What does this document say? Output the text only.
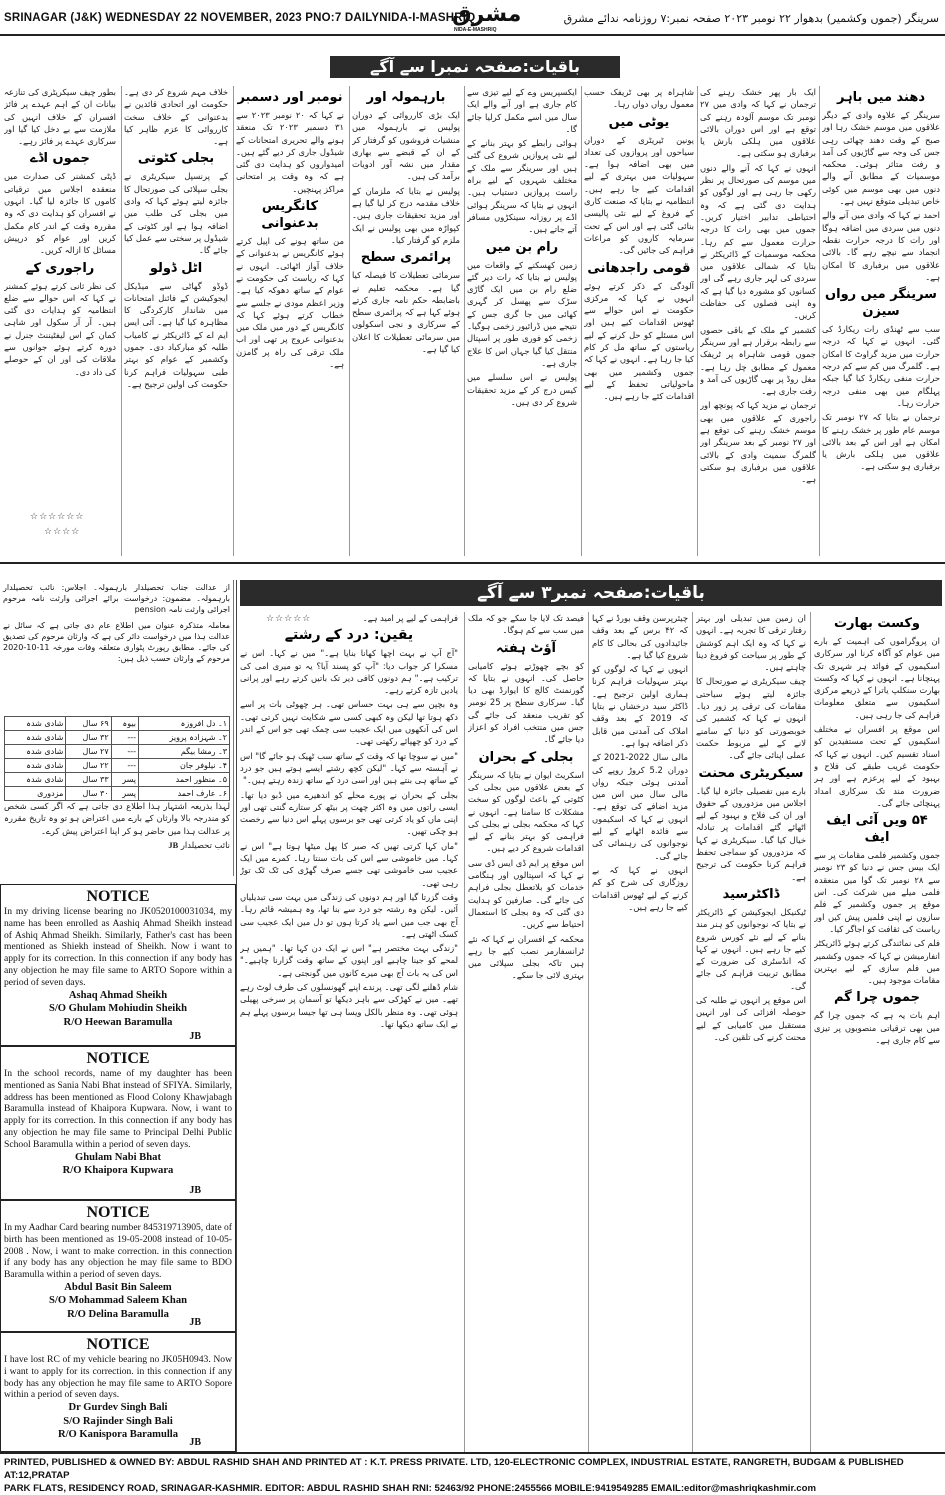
SRINAGAR (J&K) WEDNESDAY 22 NOVEMBER, 2023 PNO:7 DAILYNIDA-I-MASHRIQ
مشرق
NIDA-E-MASHRIQ
سرینگر (جموں وکشمیر) بدھوار ۲۲ نومبر ۲۰۲۳ صفحہ نمبر:۷ روزنامہ ندائے مشرق
باقیات:صفحہ نمبرا سے آگے
دھند میں باہر

سرینگر کے علاوہ وادی کے دیگر علاقوں میں موسم خشک رہا اور صبح کے وقت دھند چھائی رہی جس کی وجہ سے گاڑیوں کی آمد و رفت متاثر ہوئی۔ محکمہ موسمیات کے مطابق آنے والے دنوں میں بھی موسم میں کوئی خاص تبدیلی متوقع نہیں ہے۔

احمد نے کہا کہ وادی میں آنے والے دنوں میں سردی میں اضافہ ہوگا اور رات کا درجہ حرارت نقطہ انجماد سے نیچے رہے گا۔ بالائی علاقوں میں برفباری کا امکان ہے۔

سرینگر میں رواں سیزن

سب سے ٹھنڈی رات ریکارڈ کی گئی۔ انہوں نے کہا کہ درجہ حرارت میں مزید گراوٹ کا امکان ہے۔ گلمرگ میں کم سے کم درجہ حرارت منفی ریکارڈ کیا گیا جبکہ پہلگام میں بھی منفی درجہ حرارت رہا۔

ترجمان نے بتایا کہ ۲۷ نومبر تک موسم عام طور پر خشک رہنے کا امکان ہے اور اس کے بعد بالائی علاقوں میں ہلکی بارش یا برفباری ہو سکتی ہے۔

ایک بار پھر خشک رہنے کی ترجمان نے کہا کہ وادی میں ۲۷ نومبر تک موسم آلودہ رہنے کی توقع ہے اور اس دوران بالائی علاقوں میں ہلکی بارش یا برفباری ہو سکتی ہے۔

انہوں نے کہا کہ آنے والے دنوں میں موسم کی صورتحال پر نظر رکھی جا رہی ہے اور لوگوں کو ہدایت دی گئی ہے کہ وہ احتیاطی تدابیر اختیار کریں۔ جموں میں بھی رات کا درجہ حرارت معمول سے کم رہا۔ محکمہ موسمیات کے ڈائریکٹر نے بتایا کہ شمالی علاقوں میں سردی کی لہر جاری رہے گی اور کسانوں کو مشورہ دیا گیا ہے کہ وہ اپنی فصلوں کی حفاظت کریں۔

کشمیر کے ملک کے باقی حصوں سے رابطہ برقرار ہے اور سرینگر جموں قومی شاہراہ پر ٹریفک معمول کے مطابق چل رہا ہے۔ مغل روڈ پر بھی گاڑیوں کی آمد و رفت جاری ہے۔

ترجمان نے مزید کہا کہ پونچھ اور راجوری کے علاقوں میں بھی موسم خشک رہنے کی توقع ہے اور ۲۷ نومبر کے بعد سرینگر اور گلمرگ سمیت وادی کے بالائی علاقوں میں برفباری ہو سکتی ہے۔

شاہراہ پر بھی ٹریفک حسب معمول رواں دواں رہا۔

یوٹی میں

یونین ٹیریٹری کے دوران سیاحوں اور پروازوں کی تعداد میں بھی اضافہ ہوا ہے۔ سہولیات میں بہتری کے لیے اقدامات کیے جا رہے ہیں۔ انتظامیہ نے بتایا کہ صنعت کاری کے فروغ کے لیے نئی پالیسی بنائی گئی ہے اور اس کے تحت سرمایہ کاروں کو مراعات فراہم کی جائیں گی۔

قومی راجدھانی

آلودگی کے ذکر کرتے ہوئے انہوں نے کہا کہ مرکزی حکومت نے اس حوالے سے ٹھوس اقدامات کیے ہیں اور اس مسئلے کو حل کرنے کے لیے ریاستوں کے ساتھ مل کر کام کیا جا رہا ہے۔ انہوں نے کہا کہ جموں وکشمیر میں بھی ماحولیاتی تحفظ کے لیے اقدامات کئے جا رہے ہیں۔

ایکسپریس وے کے لیے تیزی سے کام جاری ہے اور آنے والے ایک سال میں اسے مکمل کرلیا جائے گا۔

ہوائی رابطے کو بہتر بنانے کے لیے نئی پروازیں شروع کی گئی ہیں اور سرینگر سے ملک کے مختلف شہروں کے لیے براہ راست پروازیں دستیاب ہیں۔ انہوں نے بتایا کہ سرینگر ہوائی اڈے پر روزانہ سینکڑوں مسافر آتے جاتے ہیں۔

رام بن میں

زمین کھسکنے کے واقعات میں پولیس نے بتایا کہ رات دیر گئے ضلع رام بن میں ایک گاڑی سڑک سے پھسل کر گہری کھائی میں جا گری جس کے نتیجے میں ڈرائیور زخمی ہوگیا۔ زخمی کو فوری طور پر اسپتال منتقل کیا گیا جہاں اس کا علاج جاری ہے۔

پولیس نے اس سلسلے میں کیس درج کر کے مزید تحقیقات شروع کر دی ہیں۔

بارہمولہ اور

ایک بڑی کارروائی کے دوران پولیس نے بارہمولہ میں منشیات فروشوں کو گرفتار کر کے ان کے قبضے سے بھاری مقدار میں نشہ آور ادویات برآمد کی ہیں۔

پولیس نے بتایا کہ ملزمان کے خلاف مقدمہ درج کر لیا گیا ہے اور مزید تحقیقات جاری ہیں۔ کپواڑہ میں بھی پولیس نے ایک ملزم کو گرفتار کیا۔

پرائمری سطح

سرمائی تعطیلات کا فیصلہ کیا گیا ہے۔ محکمہ تعلیم نے باضابطہ حکم نامہ جاری کرتے ہوئے کہا ہے کہ پرائمری سطح کے سرکاری و نجی اسکولوں میں سرمائی تعطیلات کا اعلان کیا گیا ہے۔

نومبر اور دسمبر

نے کہا کہ ۲۰ نومبر ۲۰۲۳ سے ۳۱ دسمبر ۲۰۲۳ تک منعقد ہونے والے تحریری امتحانات کے شیڈول جاری کر دیے گئے ہیں۔ امیدواروں کو ہدایت دی گئی ہے کہ وہ وقت پر امتحانی مراکز پہنچیں۔

کانگریس بدعنوانی

من ساتھ ہونے کی اپیل کرتے ہوئے کانگریس نے بدعنوانی کے خلاف آواز اٹھائی۔ انہوں نے کہا کہ ریاست کی حکومت نے عوام کے ساتھ دھوکہ کیا ہے۔ وزیر اعظم مودی نے جلسے سے خطاب کرتے ہوئے کہا کہ کانگریس کے دور میں ملک میں بدعنوانی عروج پر تھی اور اب ملک ترقی کی راہ پر گامزن ہے۔

خلاف مہم شروع کر دی ہے۔ حکومت اور اتحادی قائدین نے بدعنوانی کے خلاف سخت کارروائی کا عزم ظاہر کیا ہے۔

بجلی کٹوتی

کے پرنسپل سیکریٹری نے بجلی سپلائی کی صورتحال کا جائزہ لیتے ہوئے کہا کہ وادی میں بجلی کی طلب میں اضافہ ہوا ہے اور کٹوتی کے شیڈول پر سختی سے عمل کیا جائے گا۔

اٹل ڈولو

ڈوڈو گھاٹی سے میڈیکل ایجوکیشن کے فائنل امتحانات میں شاندار کارکردگی کا مظاہرہ کیا گیا ہے۔ آئی ایس ایم اے کے ڈائریکٹر نے کامیاب طلبہ کو مبارکباد دی۔ جموں وکشمیر کے عوام کو بہتر طبی سہولیات فراہم کرنا حکومت کی اولین ترجیح ہے۔

بطور چیف سیکریٹری کی تنازعہ بیانات ان کے اہم عہدے پر فائز افسران کے خلاف انہیں کی ملازمت سے بے دخل کیا گیا اور سرکاری عہدے پر فائز رہے۔

جموں اڈے

ڈپٹی کمشنر کی صدارت میں منعقدہ اجلاس میں ترقیاتی کاموں کا جائزہ لیا گیا۔ انہوں نے افسران کو ہدایت دی کہ وہ مقررہ وقت کے اندر کام مکمل کریں اور عوام کو درپیش مسائل کا ازالہ کریں۔

راجوری کے

کی نظر ثانی کرتے ہوئے کمشنر نے کہا کہ اس حوالے سے ضلع انتظامیہ کو ہدایات دی گئی ہیں۔ آر آر سکول اور شاہی کمان کے اس لیفٹیننٹ جنرل نے دورہ کرتے ہوئے جوانوں سے ملاقات کی اور ان کے حوصلے کی داد دی۔

☆☆☆☆☆☆
☆☆☆☆

از عدالت جناب تحصیلدار بارہمولہ۔ اجلاس: نائب تحصیلدار بارہمولہ۔ مضمون: درخواست برائے اجرائی وارثت نامہ مرحوم اجرائی وارثت نامہ pension

معاملہ متذکرہ عنوان میں اطلاع عام دی جاتی ہے کہ سائل نے عدالت ہذا میں درخواست دائر کی ہے کہ وارثان مرحوم کی تصدیق کی جائے۔ مطابق رپورٹ پٹواری متعلقہ وفات مورخہ 11-10-2020 مرحوم کے وارثان حسب ذیل ہیں:

۱۔ دل افروزہ	بیوہ	۶۹ سال	شادی شدہ
۲۔ شہزادہ پرویز	---	۳۲ سال	شادی شدہ
۳۔ رمشا بیگم	---	۲۷ سال	شادی شدہ
۴۔ نیلوفر جان	---	۲۲ سال	شادی شدہ
۵۔ منظور احمد	پسر	۳۳ سال	شادی شدہ
۶۔ عارف احمد	پسر	۳۰ سال	مزدوری

لہذا بذریعہ اشتہار ہذا اطلاع دی جاتی ہے کہ اگر کسی شخص کو مندرجہ بالا وارثان کے بارے میں اعتراض ہو تو وہ تاریخ مقررہ پر عدالت ہذا میں حاضر ہو کر اپنا اعتراض پیش کرے۔

نائب تحصیلدار JB

باقیات:صفحہ نمبر۳ سے آگے
وکست بھارت

ان پروگراموں کی اہمیت کے بارے میں عوام کو آگاہ کرنا اور سرکاری اسکیموں کے فوائد ہر شہری تک پہنچانا ہے۔ انہوں نے کہا کہ وکست بھارت سنکلپ یاترا کے ذریعے مرکزی اسکیموں سے متعلق معلومات فراہم کی جا رہی ہیں۔

اس موقع پر افسران نے مختلف اسکیموں کے تحت مستفیدین کو اسناد تقسیم کیں۔ انہوں نے کہا کہ حکومت غریب طبقے کی فلاح و بہبود کے لیے پرعزم ہے اور ہر ضرورت مند تک سرکاری امداد پہنچائی جائے گی۔

۵۴ ویں آئی ایف ایف

جموں وکشمیر فلمی مقامات پر سے ایک بیس جس نے دنیا کو ۲۳ نومبر سے ۲۸ نومبر تک گوا میں منعقدہ فلمی میلے میں شرکت کی۔ اس موقع پر جموں وکشمیر کے فلم سازوں نے اپنی فلمیں پیش کیں اور ریاست کی ثقافت کو اجاگر کیا۔

فلم کی نمائندگی کرتے ہوئے ڈائریکٹر انفارمیشن نے کہا کہ جموں وکشمیر میں فلم سازی کے لیے بہترین مقامات موجود ہیں۔

جموں چرا گم

اہم بات یہ ہے کہ جموں چرا گم میں بھی ترقیاتی منصوبوں پر تیزی سے کام جاری ہے۔

ان زمین میں تبدیلی اور بہتر رفتار ترقی کا تجربہ ہے۔ انہوں نے کہا کہ وہ ایک اہم کوشش کے طور پر سیاحت کو فروغ دینا چاہتے ہیں۔

چیف سیکریٹری نے صورتحال کا جائزہ لیتے ہوئے سیاحتی مقامات کی ترقی پر زور دیا۔ انہوں نے کہا کہ کشمیر کی خوبصورتی کو دنیا کے سامنے لانے کے لیے مربوط حکمت عملی اپنائی جائے گی۔

سیکریٹری محنت

بارے میں تفصیلی جائزہ لیا گیا۔ اجلاس میں مزدوروں کے حقوق اور ان کی فلاح و بہبود کے لیے اٹھائے گئے اقدامات پر تبادلہ خیال کیا گیا۔ سیکریٹری نے کہا کہ مزدوروں کو سماجی تحفظ فراہم کرنا حکومت کی ترجیح ہے۔

ڈاکٹرسید

ٹیکنیکل ایجوکیشن کے ڈائریکٹر نے بتایا کہ نوجوانوں کو ہنر مند بنانے کے لیے نئے کورس شروع کیے جا رہے ہیں۔ انہوں نے کہا کہ انڈسٹری کی ضرورت کے مطابق تربیت فراہم کی جائے گی۔

اس موقع پر انہوں نے طلبہ کی حوصلہ افزائی کی اور انہیں مستقبل میں کامیابی کے لیے محنت کرنے کی تلقین کی۔

چیئرپرسن وقف بورڈ نے کہا کہ ۴۲ برس کے بعد وقف جائیدادوں کی بحالی کا کام شروع کیا گیا ہے۔

انہوں نے کہا کہ لوگوں کو بہتر سہولیات فراہم کرنا ہماری اولین ترجیح ہے۔ ڈاکٹر سید درخشاں نے بتایا کہ 2019 کے بعد وقف املاک کی آمدنی میں قابل ذکر اضافہ ہوا ہے۔

مالی سال 2022-2021 کے دوران 5.2 کروڑ روپے کی آمدنی ہوئی جبکہ رواں مالی سال میں اس میں مزید اضافے کی توقع ہے۔ انہوں نے کہا کہ اسکیموں سے فائدہ اٹھانے کے لیے نوجوانوں کی رہنمائی کی جائے گی۔

انہوں نے کہا کہ بے روزگاری کی شرح کو کم کرنے کے لیے ٹھوس اقدامات کیے جا رہے ہیں۔

فیصد تک لایا جا سکے جو کہ ملک میں سب سے کم ہوگا۔

آؤٹ ہفتہ

کو بچے چھوڑتے ہوئے کامیابی حاصل کی۔ انہوں نے بتایا کہ گورنمنٹ کالج کا ایوارڈ بھی دیا گیا۔ سرکاری سطح پر 25 نومبر کو تقریب منعقد کی جائے گی جس میں منتخب افراد کو اعزاز دیا جائے گا۔

بجلی کے بحران

اسکریٹ ایوان نے بتایا کہ سرینگر کے بعض علاقوں میں بجلی کی کٹوتی کے باعث لوگوں کو سخت مشکلات کا سامنا ہے۔ انہوں نے کہا کہ محکمہ بجلی نے بجلی کی فراہمی کو بہتر بنانے کے لیے اقدامات شروع کر دیے ہیں۔

اس موقع پر ایم ڈی ایس ڈی سی نے کہا کہ اسپتالوں اور ہنگامی خدمات کو بلاتعطل بجلی فراہم کی جائے گی۔ صارفین کو ہدایت دی گئی کہ وہ بجلی کا استعمال احتیاط سے کریں۔

محکمہ کے افسران نے کہا کہ نئے ٹرانسفارمر نصب کیے جا رہے ہیں تاکہ بجلی سپلائی میں بہتری لائی جا سکے۔

فراہمی کے لیے پر امید ہے۔

یقین: درد کے رشتے

"آج آپ نے بہت اچھا کھانا بنایا ہے۔" میں نے کہا۔ اس نے مسکرا کر جواب دیا: "آپ کو پسند آیا؟ یہ تو میری امی کی ترکیب ہے۔" ہم دونوں کافی دیر تک باتیں کرتے رہے اور پرانی یادیں تازہ کرتے رہے۔

وہ بچپن سے ہی بہت حساس تھی۔ ہر چھوٹی بات پر اسے دکھ ہوتا تھا لیکن وہ کبھی کسی سے شکایت نہیں کرتی تھی۔ اس کی آنکھوں میں ایک عجیب سی چمک تھی جو اس کے اندر کے درد کو چھپائے رکھتی تھی۔

"میں نے سوچا تھا کہ وقت کے ساتھ سب ٹھیک ہو جائے گا" اس نے آہستہ سے کہا۔ "لیکن کچھ رشتے ایسے ہوتے ہیں جو درد کے ساتھ ہی بنتے ہیں اور اسی درد کے ساتھ زندہ رہتے ہیں۔"

بجلی کے بحران نے پورے محلے کو اندھیرے میں ڈبو دیا تھا۔ ایسی راتوں میں وہ اکثر چھت پر بیٹھ کر ستارے گنتی تھی اور اپنی ماں کو یاد کرتی تھی جو برسوں پہلے اس دنیا سے رخصت ہو چکی تھیں۔

"ماں کہا کرتی تھیں کہ صبر کا پھل میٹھا ہوتا ہے" اس نے کہا۔ میں خاموشی سے اس کی بات سنتا رہا۔ کمرے میں ایک عجیب سی خاموشی تھی جسے صرف گھڑی کی ٹک ٹک توڑ رہی تھی۔

وقت گزرتا گیا اور ہم دونوں کی زندگی میں بہت سی تبدیلیاں آئیں۔ لیکن وہ رشتہ جو درد سے بنا تھا، وہ ہمیشہ قائم رہا۔ آج بھی جب میں اسے یاد کرتا ہوں تو دل میں ایک عجیب سی کسک اٹھتی ہے۔

"زندگی بہت مختصر ہے" اس نے ایک دن کہا تھا۔ "ہمیں ہر لمحے کو جینا چاہیے اور اپنوں کے ساتھ وقت گزارنا چاہیے۔" اس کی یہ بات آج بھی میرے کانوں میں گونجتی ہے۔

شام ڈھلنے لگی تھی۔ پرندے اپنے گھونسلوں کی طرف لوٹ رہے تھے۔ میں نے کھڑکی سے باہر دیکھا تو آسمان پر سرخی پھیلی ہوئی تھی۔ وہ منظر بالکل ویسا ہی تھا جیسا برسوں پہلے ہم نے ایک ساتھ دیکھا تھا۔

☆☆☆☆☆
NOTICE
In my driving license bearing no JK0520100031034, my name has been enrolled as Aashiq Ahmad Sheikh instead of Ashiq Ahmad Sheikh. Similarly, Father's cast has been mentioned as Shiekh instead of Sheikh. Now i want to apply for its correction. In this connection if any body has any objection he may file same to ARTO Sopore within a period of seven days.
Ashaq Ahmad Sheikh
S/O Ghulam Mohiudin Sheikh
R/O Heewan Baramulla
JB
NOTICE
In the school records, name of my daughter has been mentioned as Sania Nabi Bhat instead of SFIYA. Similarly, address has been mentioned as Flood Colony Khawjabagh Baramulla instead of Khaipora Kupwara. Now, i want to apply for its correction. In this connection if any body has any objection he may file same to Principal Delhi Public School Baramulla within a period of seven days.
Ghulam Nabi Bhat
R/O Khaipora Kupwara
JB
NOTICE
In my Aadhar Card bearing number 845319713905, date of birth has been mentioned as 19-05-2008 instead of 10-05-2008 . Now, i want to make correction. in this connection if any body has any objection he may file same to BDO Baramulla within a period of seven days.
Abdul Basit Bin Saleem
S/O Mohammad Saleem Khan
R/O Delina Baramulla
JB
NOTICE
I have lost RC of my vehicle bearing no JK05H0943. Now i want to apply for its correction. in this connection if any body has any objection he may file same to ARTO Sopore within a period of seven days.
Dr Gurdev Singh Bali
S/O Rajinder Singh Bali
R/O Kanispora Baramulla
JB
PRINTED, PUBLISHED & OWNED BY: ABDUL RASHID SHAH AND PRINTED AT : K.T. PRESS PRIVATE. LTD, 120-ELECTRONIC COMPLEX, INDUSTRIAL ESTATE, RANGRETH, BUDGAM & PUBLISHED AT:12,PRATAP
PARK FLATS, RESIDENCY ROAD, SRINAGAR-KASHMIR. EDITOR: ABDUL RASHID SHAH RNI: 52463/92 PHONE:2455566 MOBILE:9419549285 EMAIL:editor@mashriqkashmir.com
